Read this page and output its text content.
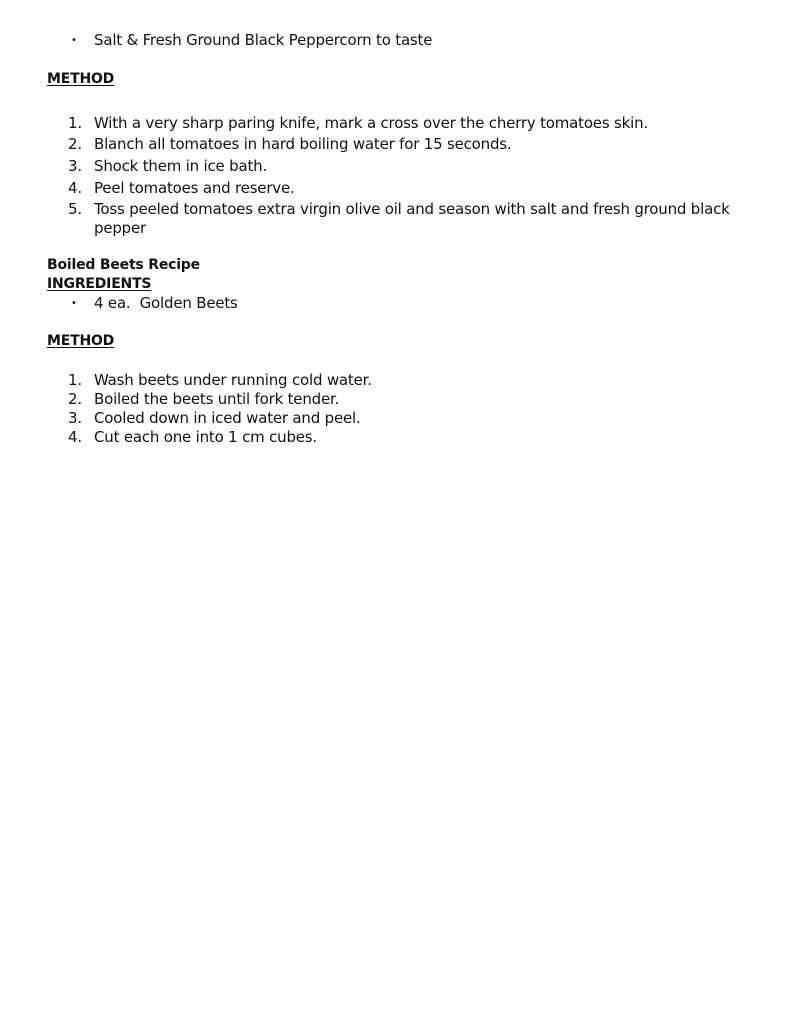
•	Salt & Fresh Ground Black Peppercorn to taste
METHOD
1. With a very sharp paring knife, mark a cross over the cherry tomatoes skin.
2. Blanch all tomatoes in hard boiling water for 15 seconds.
3. Shock them in ice bath.
4. Peel tomatoes and reserve.
5. Toss peeled tomatoes extra virgin olive oil and season with salt and fresh ground black pepper
Boiled Beets Recipe
INGREDIENTS
•	4 ea.  Golden Beets
METHOD
1. Wash beets under running cold water.
2. Boiled the beets until fork tender.
3. Cooled down in iced water and peel.
4. Cut each one into 1 cm cubes.
